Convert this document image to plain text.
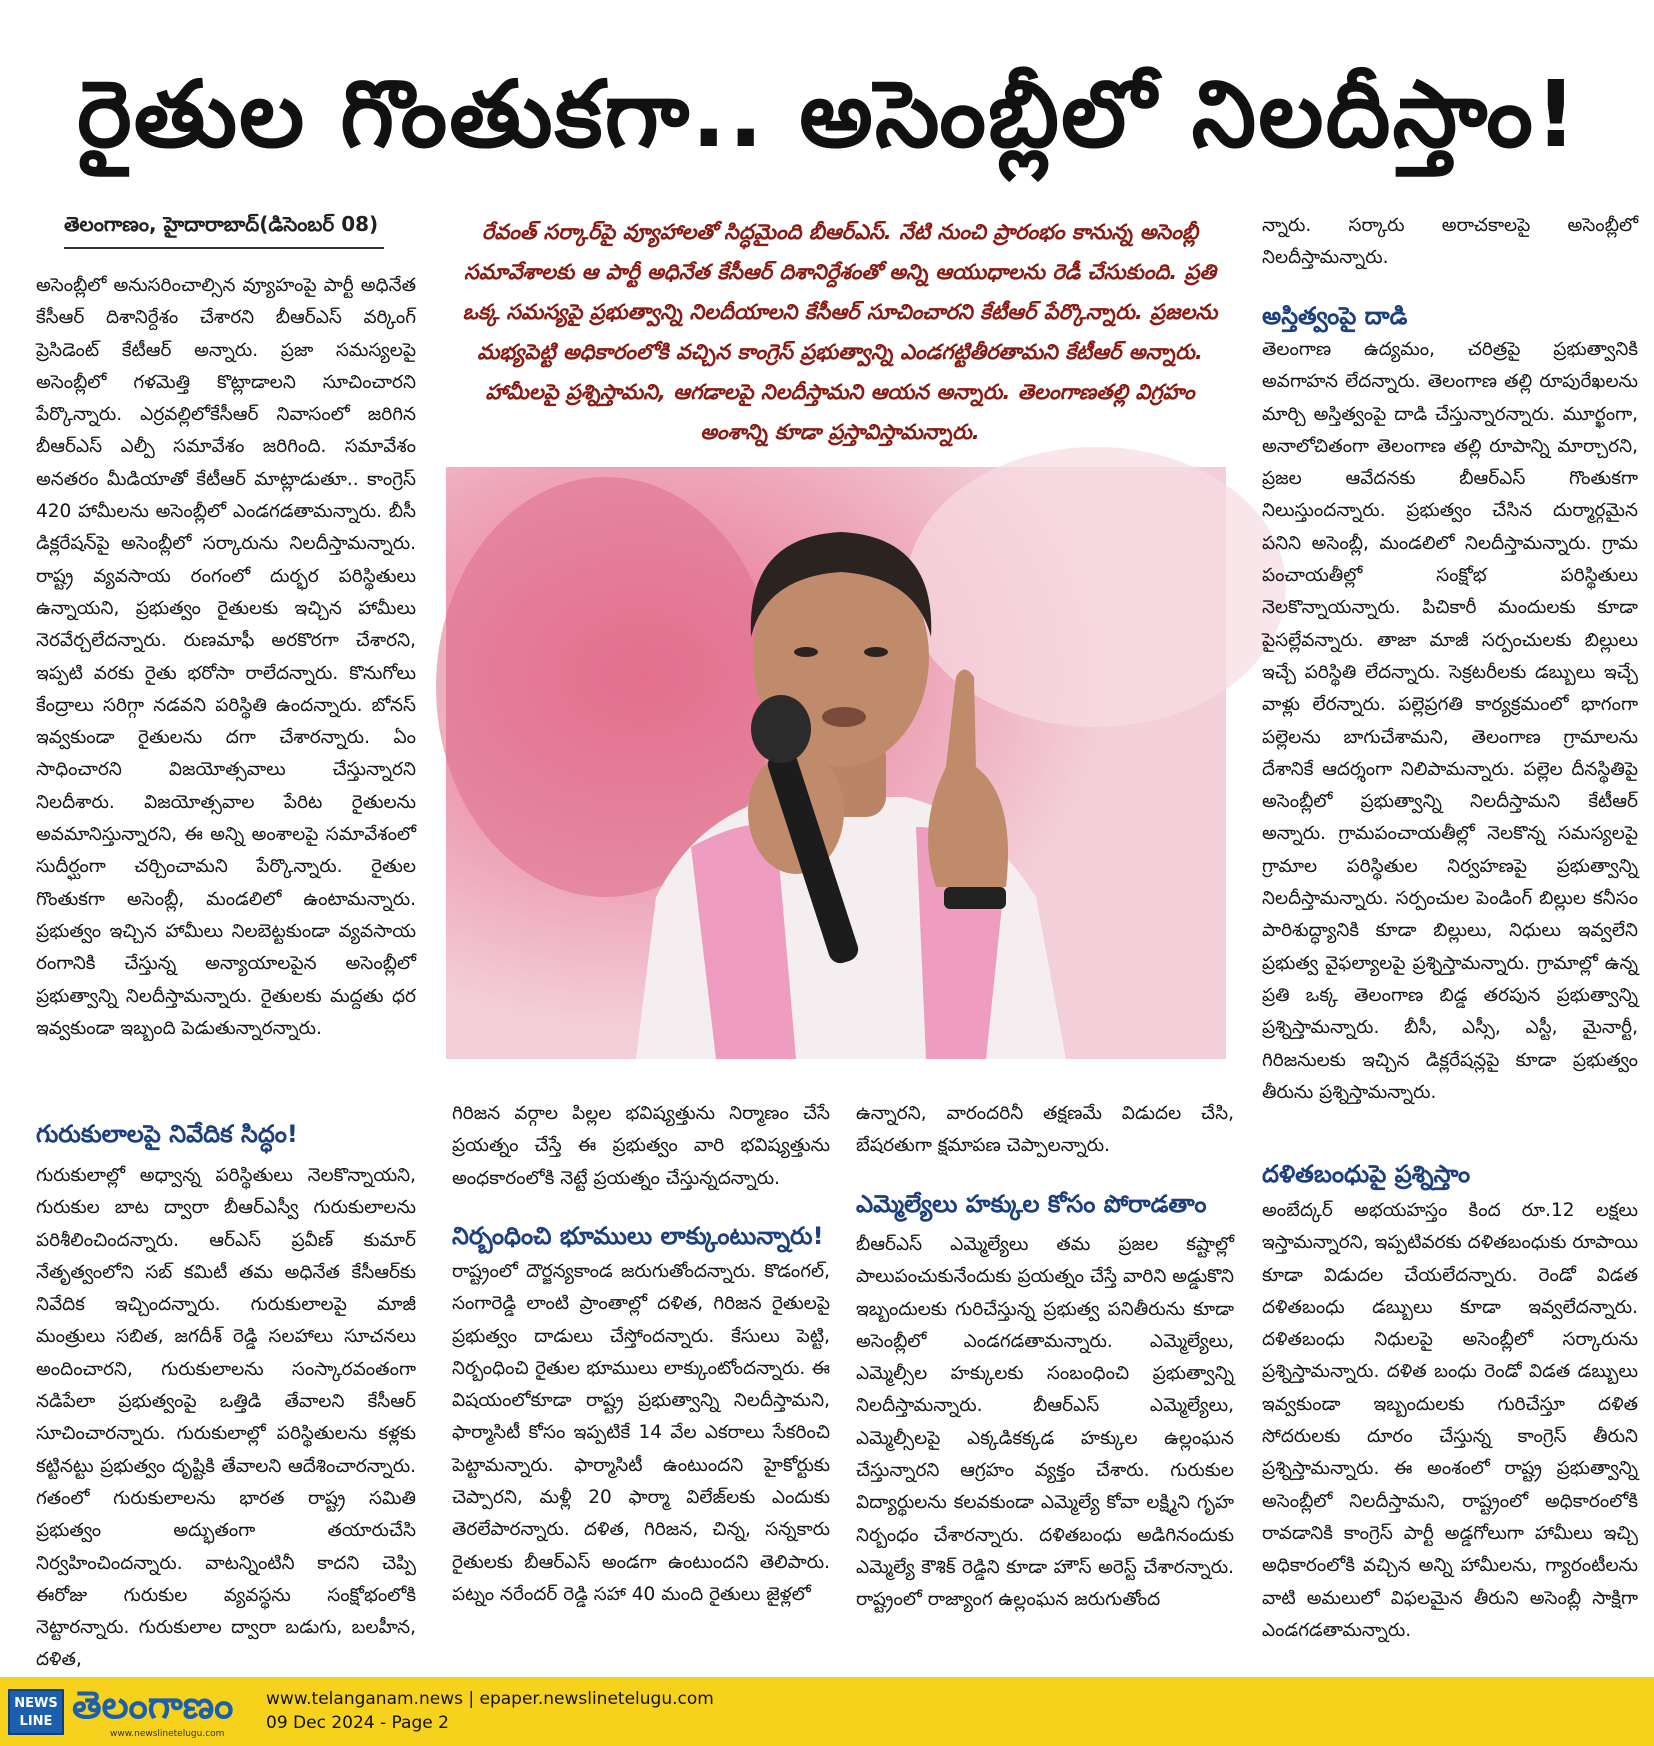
రైతుల గొంతుకగా.. అసెంబ్లీలో నిలదీస్తాం!
తెలంగాణం, హైదారాబాద్(డిసెంబర్ 08)

అసెంబ్లీలో అనుసరించాల్సిన వ్యూహంపై పార్టీ అధినేత కేసీఆర్ దిశానిర్దేశం చేశారని బీఆర్ఎస్ వర్కింగ్ ప్రెసిడెంట్ కేటీఆర్ అన్నారు. ప్రజా సమస్యలపై అసెంబ్లీలో గళమెత్తి కొట్లాడాలని సూచించారని పేర్కొన్నారు. ఎర్రవల్లిలోకేసీఆర్ నివాసంలో జరిగిన బీఆర్ఎస్ ఎల్పీ సమావేశం జరిగింది. సమావేశం అనతరం మీడియాతో కేటీఆర్ మాట్లాడుతూ.. కాంగ్రెస్ 420 హామీలను అసెంబ్లీలో ఎండగడతామన్నారు. బీసీ డిక్లరేషన్‌పై అసెంబ్లీలో సర్కారును నిలదీస్తామన్నారు. రాష్ట్ర వ్యవసాయ రంగంలో దుర్భర పరిస్థితులు ఉన్నాయని, ప్రభుత్వం రైతులకు ఇచ్చిన హామీలు నెరవేర్చలేదన్నారు. రుణమాఫీ అరకొరగా చేశారని, ఇప్పటి వరకు రైతు భరోసా రాలేదన్నారు. కొనుగోలు కేంద్రాలు సరిగ్గా నడవని పరిస్థితి ఉందన్నారు. బోనస్ ఇవ్వకుండా రైతులను దగా చేశారన్నారు. ఏం సాధించారని విజయోత్సవాలు చేస్తున్నారని నిలదీశారు. విజయోత్సవాల పేరిట రైతులను అవమానిస్తున్నారని, ఈ అన్ని అంశాలపై సమావేశంలో సుదీర్ఘంగా చర్చించామని పేర్కొన్నారు. రైతుల గొంతుకగా అసెంబ్లీ, మండలిలో ఉంటామన్నారు. ప్రభుత్వం ఇచ్చిన హామీలు నిలబెట్టకుండా వ్యవసాయ రంగానికి చేస్తున్న అన్యాయాలపైన అసెంబ్లీలో ప్రభుత్వాన్ని నిలదీస్తామన్నారు. రైతులకు మద్దతు ధర ఇవ్వకుండా ఇబ్బంది పెడుతున్నారన్నారు.

గురుకులాలపై నివేదిక సిద్ధం!

గురుకులాల్లో అధ్వాన్న పరిస్థితులు నెలకొన్నాయని, గురుకుల బాట ద్వారా బీఆర్ఎస్వీ గురుకులాలను పరిశీలించిందన్నారు. ఆర్ఎస్ ప్రవీణ్ కుమార్ నేతృత్వంలోని సబ్ కమిటీ తమ అధినేత కేసీఆర్‌కు నివేదిక ఇచ్చిందన్నారు. గురుకులాలపై మాజీ మంత్రులు సబిత, జగదీశ్ రెడ్డి సలహాలు సూచనలు అందించారని, గురుకులాలను సంస్కారవంతంగా నడిపేలా ప్రభుత్వంపై ఒత్తిడి తేవాలని కేసీఆర్ సూచించారన్నారు. గురుకులాల్లో పరిస్థితులను కళ్లకు కట్టినట్టు ప్రభుత్వం దృష్టికి తేవాలని ఆదేశించారన్నారు. గతంలో గురుకులాలను భారత రాష్ట్ర సమితి ప్రభుత్వం అద్భుతంగా తయారుచేసి నిర్వహించిందన్నారు. వాటన్నింటినీ కాదని చెప్పి ఈరోజు గురుకుల వ్యవస్థను సంక్షోభంలోకి నెట్టారన్నారు. గురుకులాల ద్వారా బడుగు, బలహీన, దళిత,

రేవంత్ సర్కార్‌పై వ్యూహాలతో సిద్ధమైంది బీఆర్ఎస్. నేటి నుంచి ప్రారంభం కానున్న అసెంబ్లీ సమావేశాలకు ఆ పార్టీ అధినేత కేసీఆర్ దిశానిర్దేశంతో అన్ని ఆయుధాలను రెడీ చేసుకుంది. ప్రతి ఒక్క సమస్యపై ప్రభుత్వాన్ని నిలదీయాలని కేసీఆర్ సూచించారని కేటీఆర్ పేర్కొన్నారు. ప్రజలను మభ్యపెట్టి అధికారంలోకి వచ్చిన కాంగ్రెస్ ప్రభుత్వాన్ని ఎండగట్టితీరతామని కేటీఆర్ అన్నారు. హామీలపై ప్రశ్నిస్తామని, ఆగడాలపై నిలదీస్తామని ఆయన అన్నారు. తెలంగాణతల్లి విగ్రహం అంశాన్ని కూడా ప్రస్తావిస్తామన్నారు.

గిరిజన వర్గాల పిల్లల భవిష్యత్తును నిర్మాణం చేసే ప్రయత్నం చేస్తే ఈ ప్రభుత్వం వారి భవిష్యత్తును అంధకారంలోకి నెట్టే ప్రయత్నం చేస్తున్నదన్నారు.

నిర్బంధించి భూములు లాక్కుంటున్నారు!

రాష్ట్రంలో దౌర్జన్యకాండ జరుగుతోందన్నారు. కొడంగల్, సంగారెడ్డి లాంటి ప్రాంతాల్లో దళిత, గిరిజన రైతులపై ప్రభుత్వం దాడులు చేస్తోందన్నారు. కేసులు పెట్టి, నిర్బంధించి రైతుల భూములు లాక్కుంటోందన్నారు. ఈ విషయంలోకూడా రాష్ట్ర ప్రభుత్వాన్ని నిలదీస్తామని, ఫార్మాసిటీ కోసం ఇప్పటికే 14 వేల ఎకరాలు సేకరించి పెట్టామన్నారు. ఫార్మాసిటీ ఉంటుందని హైకోర్టుకు చెప్పారని, మళ్లీ 20 ఫార్మా విలేజ్‌లకు ఎందుకు తెరలేపారన్నారు. దళిత, గిరిజన, చిన్న, సన్నకారు రైతులకు బీఆర్ఎస్ అండగా ఉంటుందని తెలిపారు. పట్నం నరేందర్ రెడ్డి సహా 40 మంది రైతులు జైళ్లలో

ఉన్నారని, వారందరినీ తక్షణమే విడుదల చేసి, బేషరతుగా క్షమాపణ చెప్పాలన్నారు.

ఎమ్మెల్యేలు హక్కుల కోసం పోరాడతాం

బీఆర్ఎస్ ఎమ్మెల్యేలు తమ ప్రజల కష్టాల్లో పాలుపంచుకునేందుకు ప్రయత్నం చేస్తే వారిని అడ్డుకొని ఇబ్బందులకు గురిచేస్తున్న ప్రభుత్వ పనితీరును కూడా అసెంబ్లీలో ఎండగడతామన్నారు. ఎమ్మెల్యేలు, ఎమ్మెల్సీల హక్కులకు సంబంధించి ప్రభుత్వాన్ని నిలదీస్తామన్నారు. బీఆర్ఎస్ ఎమ్మెల్యేలు, ఎమ్మెల్సీలపై ఎక్కడికక్కడ హక్కుల ఉల్లంఘన చేస్తున్నారని ఆగ్రహం వ్యక్తం చేశారు. గురుకుల విద్యార్థులను కలవకుండా ఎమ్మెల్యే కోవా లక్ష్మిని గృహ నిర్బంధం చేశారన్నారు. దళితబంధు అడిగినందుకు ఎమ్మెల్యే కౌశిక్ రెడ్డిని కూడా హౌస్ అరెస్ట్ చేశారన్నారు. రాష్ట్రంలో రాజ్యాంగ ఉల్లంఘన జరుగుతోంద

న్నారు. సర్కారు అరాచకాలపై అసెంబ్లీలో నిలదీస్తామన్నారు.

అస్తిత్వంపై దాడి

తెలంగాణ ఉద్యమం, చరిత్రపై ప్రభుత్వానికి అవగాహన లేదన్నారు. తెలంగాణ తల్లి రూపురేఖలను మార్చి అస్తిత్వంపై దాడి చేస్తున్నారన్నారు. మూర్ఖంగా, అనాలోచితంగా తెలంగాణ తల్లి రూపాన్ని మార్చారని, ప్రజల ఆవేదనకు బీఆర్ఎస్ గొంతుకగా నిలుస్తుందన్నారు. ప్రభుత్వం చేసిన దుర్మార్గమైన పనిని అసెంబ్లీ, మండలిలో నిలదీస్తామన్నారు. గ్రామ పంచాయతీల్లో సంక్షోభ పరిస్థితులు నెలకొన్నాయన్నారు. పిచికారీ మందులకు కూడా పైసల్లేవన్నారు. తాజా మాజీ సర్పంచులకు బిల్లులు ఇచ్చే పరిస్థితి లేదన్నారు. సెక్రటరీలకు డబ్బులు ఇచ్చే వాళ్లు లేరన్నారు. పల్లెప్రగతి కార్యక్రమంలో భాగంగా పల్లెలను బాగుచేశామని, తెలంగాణ గ్రామాలను దేశానికే ఆదర్శంగా నిలిపామన్నారు. పల్లెల దీనస్థితిపై అసెంబ్లీలో ప్రభుత్వాన్ని నిలదీస్తామని కేటీఆర్ అన్నారు. గ్రామపంచాయతీల్లో నెలకొన్న సమస్యలపై గ్రామాల పరిస్థితుల నిర్వహణపై ప్రభుత్వాన్ని నిలదీస్తామన్నారు. సర్పంచుల పెండింగ్ బిల్లుల కనీసం పారిశుద్ధ్యానికి కూడా బిల్లులు, నిధులు ఇవ్వలేని ప్రభుత్వ వైఫల్యాలపై ప్రశ్నిస్తామన్నారు. గ్రామాల్లో ఉన్న ప్రతి ఒక్క తెలంగాణ బిడ్డ తరపున ప్రభుత్వాన్ని ప్రశ్నిస్తామన్నారు. బీసీ, ఎస్సీ, ఎస్టీ, మైనార్టీ, గిరిజనులకు ఇచ్చిన డిక్లరేషన్లపై కూడా ప్రభుత్వం తీరును ప్రశ్నిస్తామన్నారు.

దళితబంధుపై ప్రశ్నిస్తాం

అంబేద్కర్ అభయహస్తం కింద రూ.12 లక్షలు ఇస్తామన్నారని, ఇప్పటివరకు దళితబంధుకు రూపాయి కూడా విడుదల చేయలేదన్నారు. రెండో విడత దళితబంధు డబ్బులు కూడా ఇవ్వలేదన్నారు. దళితబంధు నిధులపై అసెంబ్లీలో సర్కారును ప్రశ్నిస్తామన్నారు. దళిత బంధు రెండో విడత డబ్బులు ఇవ్వకుండా ఇబ్బందులకు గురిచేస్తూ దళిత సోదరులకు దూరం చేస్తున్న కాంగ్రెస్ తీరుని ప్రశ్నిస్తామన్నారు. ఈ అంశంలో రాష్ట్ర ప్రభుత్వాన్ని అసెంబ్లీలో నిలదీస్తామని, రాష్ట్రంలో అధికారంలోకి రావడానికి కాంగ్రెస్ పార్టీ అడ్డగోలుగా హామీలు ఇచ్చి అధికారంలోకి వచ్చిన అన్ని హామీలను, గ్యారంటీలను వాటి అమలులో విఫలమైన తీరుని అసెంబ్లీ సాక్షిగా ఎండగడతామన్నారు.

NEWS LINE తెలంగాణం
www.newslinetelugu.com
www.telanganam.news | epaper.newslinetelugu.com
09 Dec 2024 - Page 2
